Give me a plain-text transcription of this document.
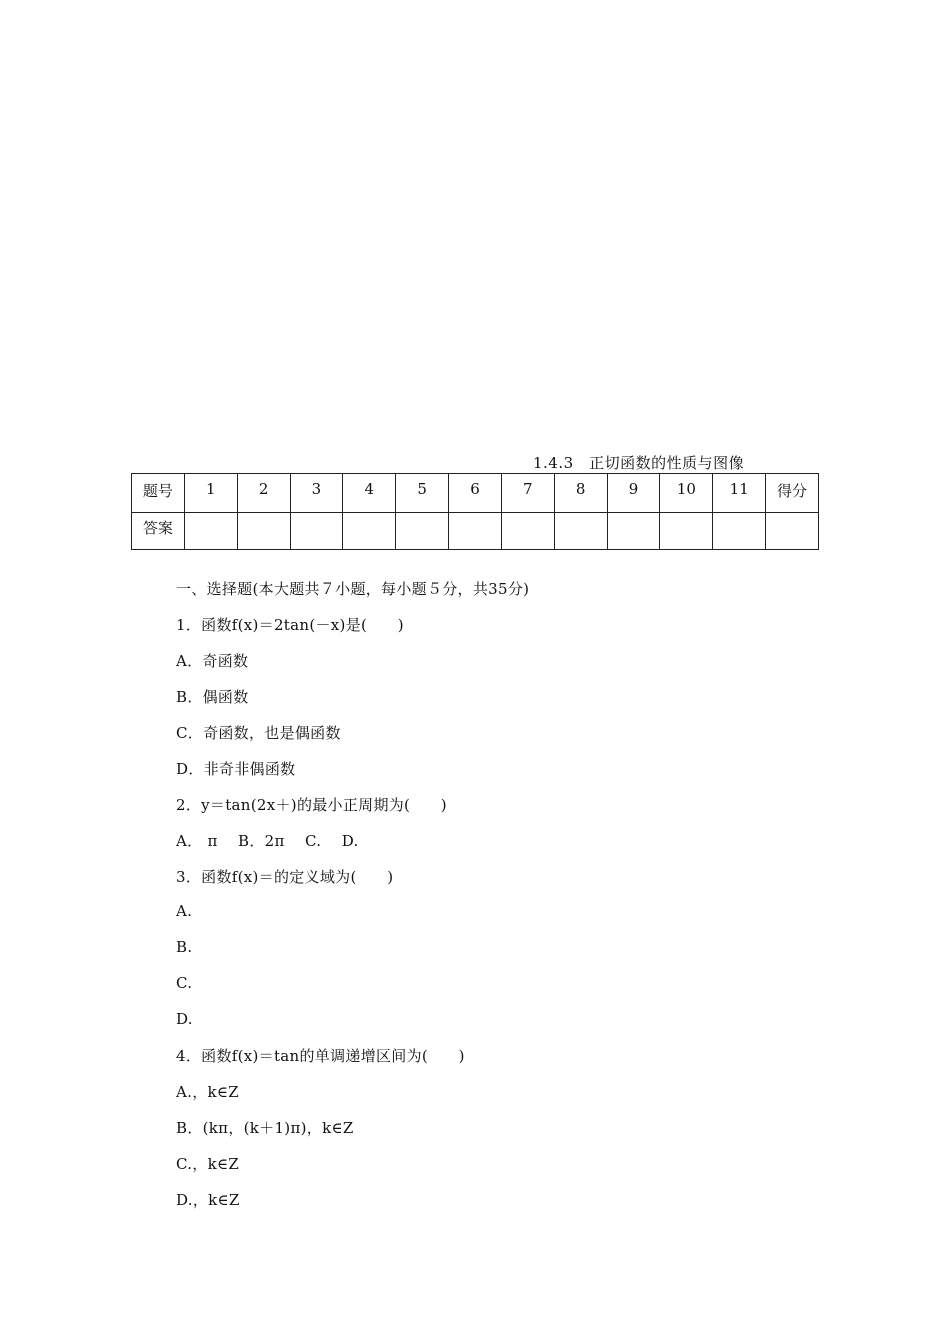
1.4.3　正切函数的性质与图像
题号	1	2	3	4	5	6	7	8	9	10	11	得分
答案												
一、选择题(本大题共７小题，每小题５分，共35分)
1．函数f(x)＝2tan(－x)是(　　)
A．奇函数
B．偶函数
C．奇函数，也是偶函数
D．非奇非偶函数
2．y＝tan(2x＋)的最小正周期为(　　)
A． π　 B．2π　 C.　 D.
3．函数f(x)＝的定义域为(　　)
A.
B.
C.
D.
4．函数f(x)＝tan的单调递增区间为(　　)
A.，k∈Z
B．(kπ，(k＋1)π)，k∈Z
C.，k∈Z
D.，k∈Z
